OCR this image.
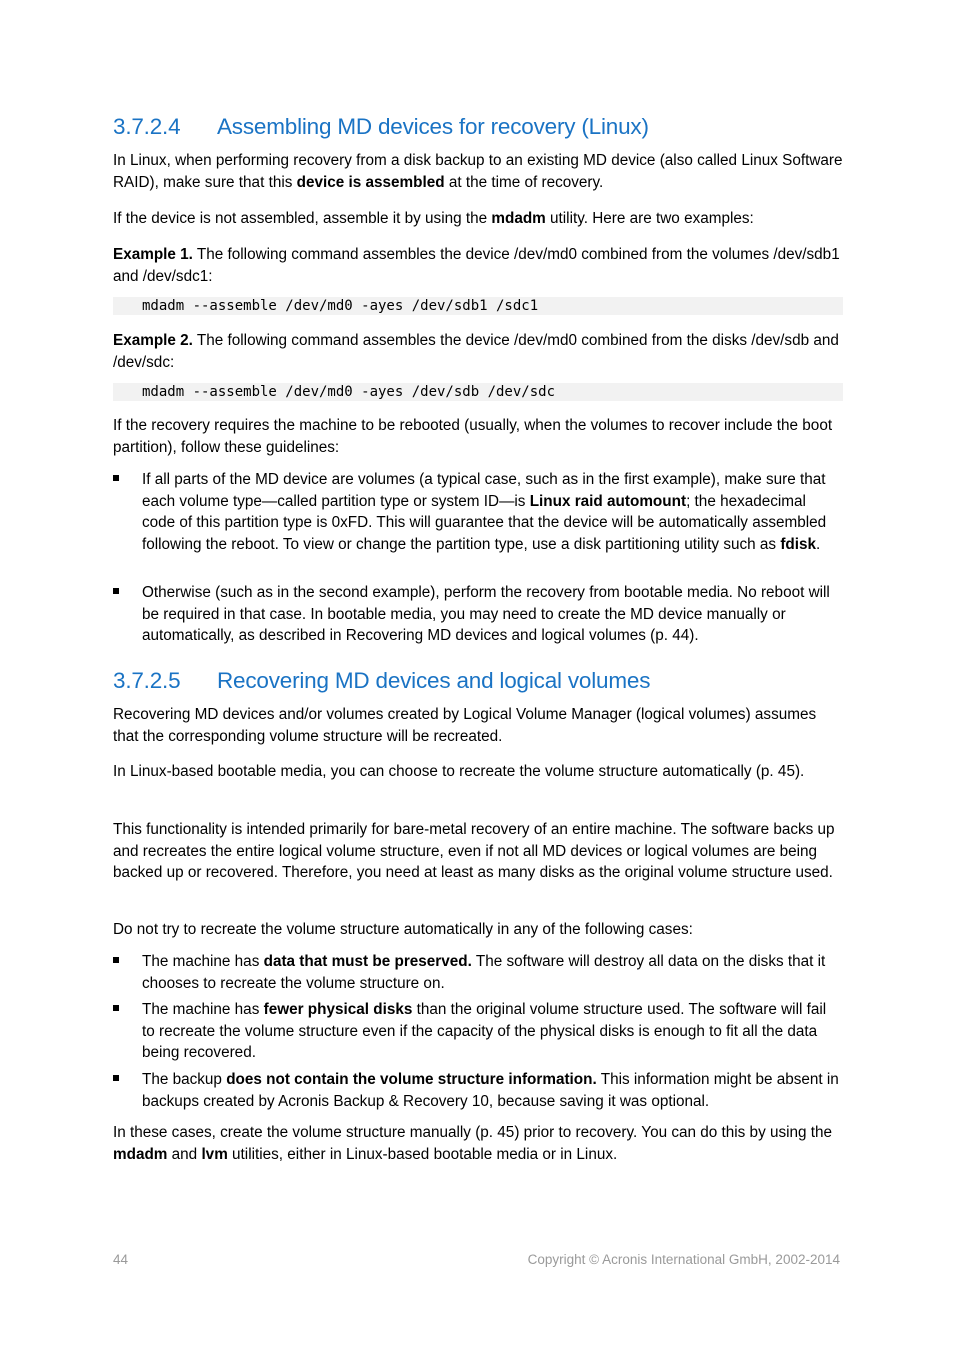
3.7.2.4 Assembling MD devices for recovery (Linux)

In Linux, when performing recovery from a disk backup to an existing MD device (also called Linux Software RAID), make sure that this device is assembled at the time of recovery.

If the device is not assembled, assemble it by using the mdadm utility. Here are two examples:

Example 1. The following command assembles the device /dev/md0 combined from the volumes /dev/sdb1 and /dev/sdc1:

mdadm --assemble /dev/md0 -ayes /dev/sdb1 /sdc1

Example 2. The following command assembles the device /dev/md0 combined from the disks /dev/sdb and /dev/sdc:

mdadm --assemble /dev/md0 -ayes /dev/sdb /dev/sdc

If the recovery requires the machine to be rebooted (usually, when the volumes to recover include the boot partition), follow these guidelines:

If all parts of the MD device are volumes (a typical case, such as in the first example), make sure that each volume type—called partition type or system ID—is Linux raid automount; the hexadecimal code of this partition type is 0xFD. This will guarantee that the device will be automatically assembled following the reboot. To view or change the partition type, use a disk partitioning utility such as fdisk.
Otherwise (such as in the second example), perform the recovery from bootable media. No reboot will be required in that case. In bootable media, you may need to create the MD device manually or automatically, as described in Recovering MD devices and logical volumes (p. 44).
3.7.2.5 Recovering MD devices and logical volumes

Recovering MD devices and/or volumes created by Logical Volume Manager (logical volumes) assumes that the corresponding volume structure will be recreated.

In Linux-based bootable media, you can choose to recreate the volume structure automatically (p. 45).

This functionality is intended primarily for bare-metal recovery of an entire machine. The software backs up and recreates the entire logical volume structure, even if not all MD devices or logical volumes are being backed up or recovered. Therefore, you need at least as many disks as the original volume structure used.

Do not try to recreate the volume structure automatically in any of the following cases:

The machine has data that must be preserved. The software will destroy all data on the disks that it chooses to recreate the volume structure on.
The machine has fewer physical disks than the original volume structure used. The software will fail to recreate the volume structure even if the capacity of the physical disks is enough to fit all the data being recovered.
The backup does not contain the volume structure information. This information might be absent in backups created by Acronis Backup & Recovery 10, because saving it was optional.

In these cases, create the volume structure manually (p. 45) prior to recovery. You can do this by using the mdadm and lvm utilities, either in Linux-based bootable media or in Linux.

44	Copyright © Acronis International GmbH, 2002-2014
